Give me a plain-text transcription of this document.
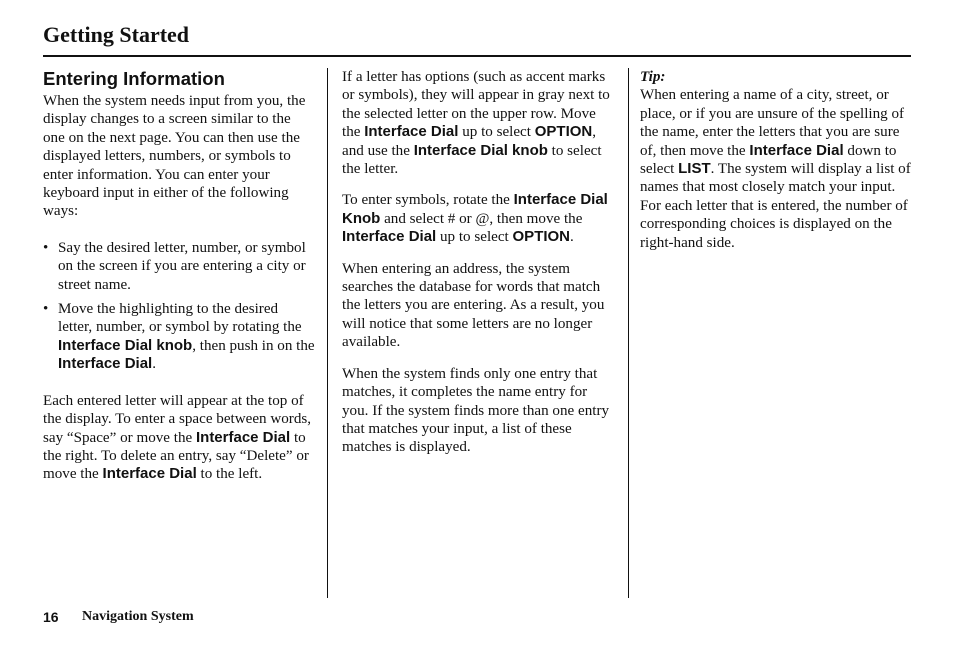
Getting Started
Entering Information

When the system needs input from you, the display changes to a screen similar to the one on the next page. You can then use the displayed letters, numbers, or symbols to enter information. You can enter your keyboard input in either of the following ways:

• Say the desired letter, number, or symbol on the screen if you are entering a city or street name.
• Move the highlighting to the desired letter, number, or symbol by rotating the Interface Dial knob, then push in on the Interface Dial.

Each entered letter will appear at the top of the display. To enter a space between words, say “Space” or move the Interface Dial to the right. To delete an entry, say “Delete” or move the Interface Dial to the left.

If a letter has options (such as accent marks or symbols), they will appear in gray next to the selected letter on the upper row. Move the Interface Dial up to select OPTION, and use the Interface Dial knob to select the letter.

To enter symbols, rotate the Interface Dial Knob and select # or @, then move the Interface Dial up to select OPTION.

When entering an address, the system searches the database for words that match the letters you are entering. As a result, you will notice that some letters are no longer available.

When the system finds only one entry that matches, it completes the name entry for you. If the system finds more than one entry that matches your input, a list of these matches is displayed.

Tip:

When entering a name of a city, street, or place, or if you are unsure of the spelling of the name, enter the letters that you are sure of, then move the Interface Dial down to select LIST. The system will display a list of names that most closely match your input. For each letter that is entered, the number of corresponding choices is displayed on the right-hand side.

16 Navigation System
